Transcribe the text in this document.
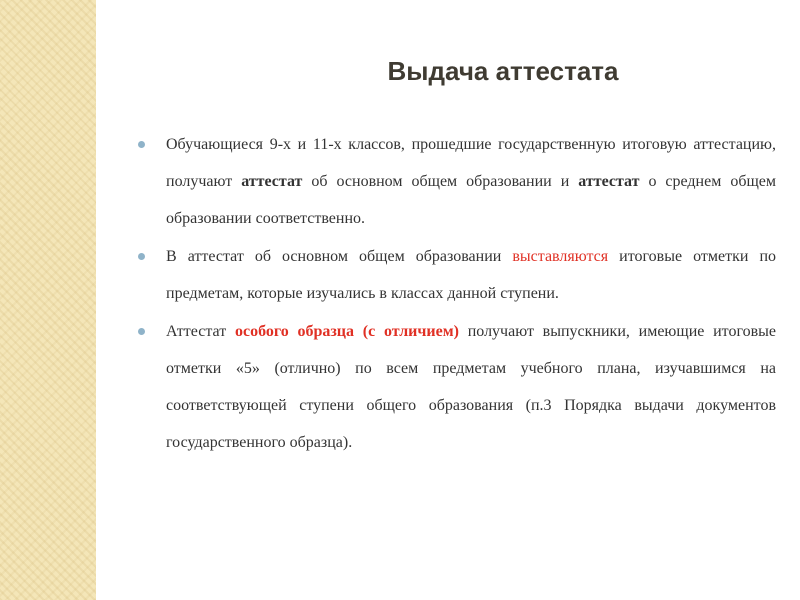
Выдача аттестата
Обучающиеся 9-х и 11-х классов, прошедшие государственную итоговую аттестацию, получают аттестат об основном общем образовании и аттестат о среднем общем образовании соответственно.
В аттестат об основном общем образовании выставляются итоговые отметки по предметам, которые изучались в классах данной ступени.
Аттестат особого образца (с отличием) получают выпускники, имеющие итоговые отметки «5» (отлично) по всем предметам учебного плана, изучавшимся на соответствующей ступени общего образования (п.3 Порядка выдачи документов государственного образца).
